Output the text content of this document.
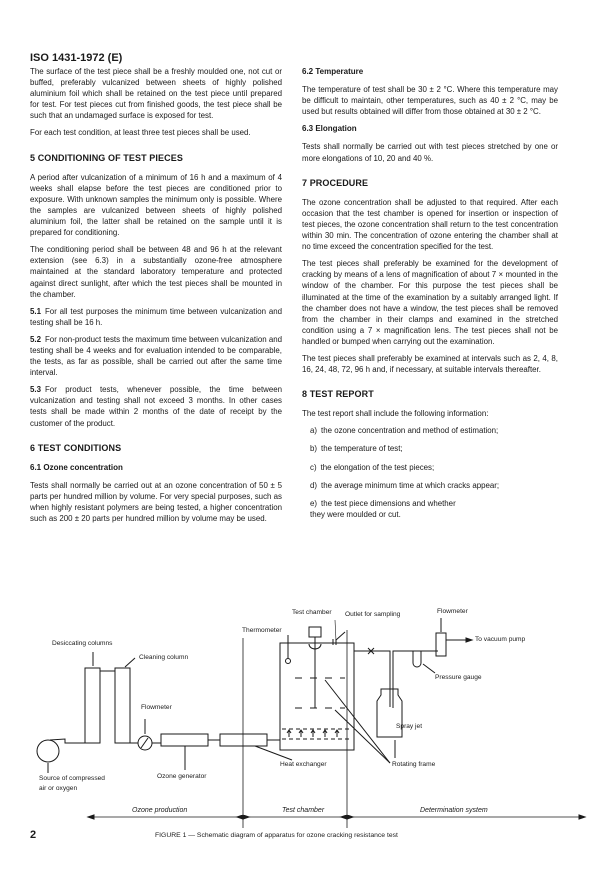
ISO 1431-1972 (E)

The surface of the test piece shall be a freshly moulded one, not cut or buffed, preferably vulcanized between sheets of highly polished aluminium foil which shall be retained on the test piece until prepared for test. For test pieces cut from finished goods, the test piece shall be such that an undamaged surface is exposed for test.

For each test condition, at least three test pieces shall be used.

5 CONDITIONING OF TEST PIECES

A period after vulcanization of a minimum of 16 h and a maximum of 4 weeks shall elapse before the test pieces are conditioned prior to exposure. With unknown samples the minimum only is possible. Where the samples are vulcanized between sheets of highly polished aluminium foil, the latter shall be retained on the sample until it is prepared for conditioning.

The conditioning period shall be between 48 and 96 h at the relevant extension (see 6.3) in a substantially ozone-free atmosphere maintained at the standard laboratory temperature and protected against direct sunlight, after which the test pieces shall be mounted in the chamber.

5.1 For all test purposes the minimum time between vulcanization and testing shall be 16 h.

5.2 For non-product tests the maximum time between vulcanization and testing shall be 4 weeks and for evaluation intended to be comparable, the tests, as far as possible, shall be carried out after the same time interval.

5.3 For product tests, whenever possible, the time between vulcanization and testing shall not exceed 3 months. In other cases tests shall be made within 2 months of the date of receipt by the customer of the product.

6 TEST CONDITIONS
6.1 Ozone concentration

Tests shall normally be carried out at an ozone concentration of 50 ± 5 parts per hundred million by volume. For very special purposes, such as when highly resistant polymers are being tested, a higher concentration such as 200 ± 20 parts per hundred million by volume may be used.

6.2 Temperature

The temperature of test shall be 30 ± 2 °C. Where this temperature may be difficult to maintain, other temperatures, such as 40 ± 2 °C, may be used but results obtained will differ from those obtained at 30 ± 2 °C.

6.3 Elongation

Tests shall normally be carried out with test pieces stretched by one or more elongations of 10, 20 and 40 %.

7 PROCEDURE

The ozone concentration shall be adjusted to that required. After each occasion that the test chamber is opened for insertion or inspection of test pieces, the ozone concentration shall return to the test concentration within 30 min. The concentration of ozone entering the chamber shall at no time exceed the concentration specified for the test.

The test pieces shall preferably be examined for the development of cracking by means of a lens of magnification of about 7 × mounted in the window of the chamber. For this purpose the test pieces shall be illuminated at the time of the examination by a suitably arranged light. If the chamber does not have a window, the test pieces shall be removed from the chamber in their clamps and examined in the stretched condition using a 7 × magnification lens. The test pieces shall not be handled or bumped when carrying out the examination.

The test pieces shall preferably be examined at intervals such as 2, 4, 8, 16, 24, 48, 72, 96 h and, if necessary, at suitable intervals thereafter.

8 TEST REPORT

The test report shall include the following information:

a) the ozone concentration and method of estimation;
b) the temperature of test;
c) the elongation of the test pieces;
d) the average minimum time at which cracks appear;
e) the test piece dimensions and whether they were moulded or cut.
Test chamber Outlet for sampling	Flowmeter
Thermometer
To vacuum pump
Desiccating columns
Cleaning column
Pressure gauge
Flowmeter
Spray jet
Heat exchanger	Rotating frame
Source of compressed
air or oxygen
Ozone generator
Ozone production	Test chamber	Determination system
2	FIGURE 1 — Schematic diagram of apparatus for ozone cracking resistance test
